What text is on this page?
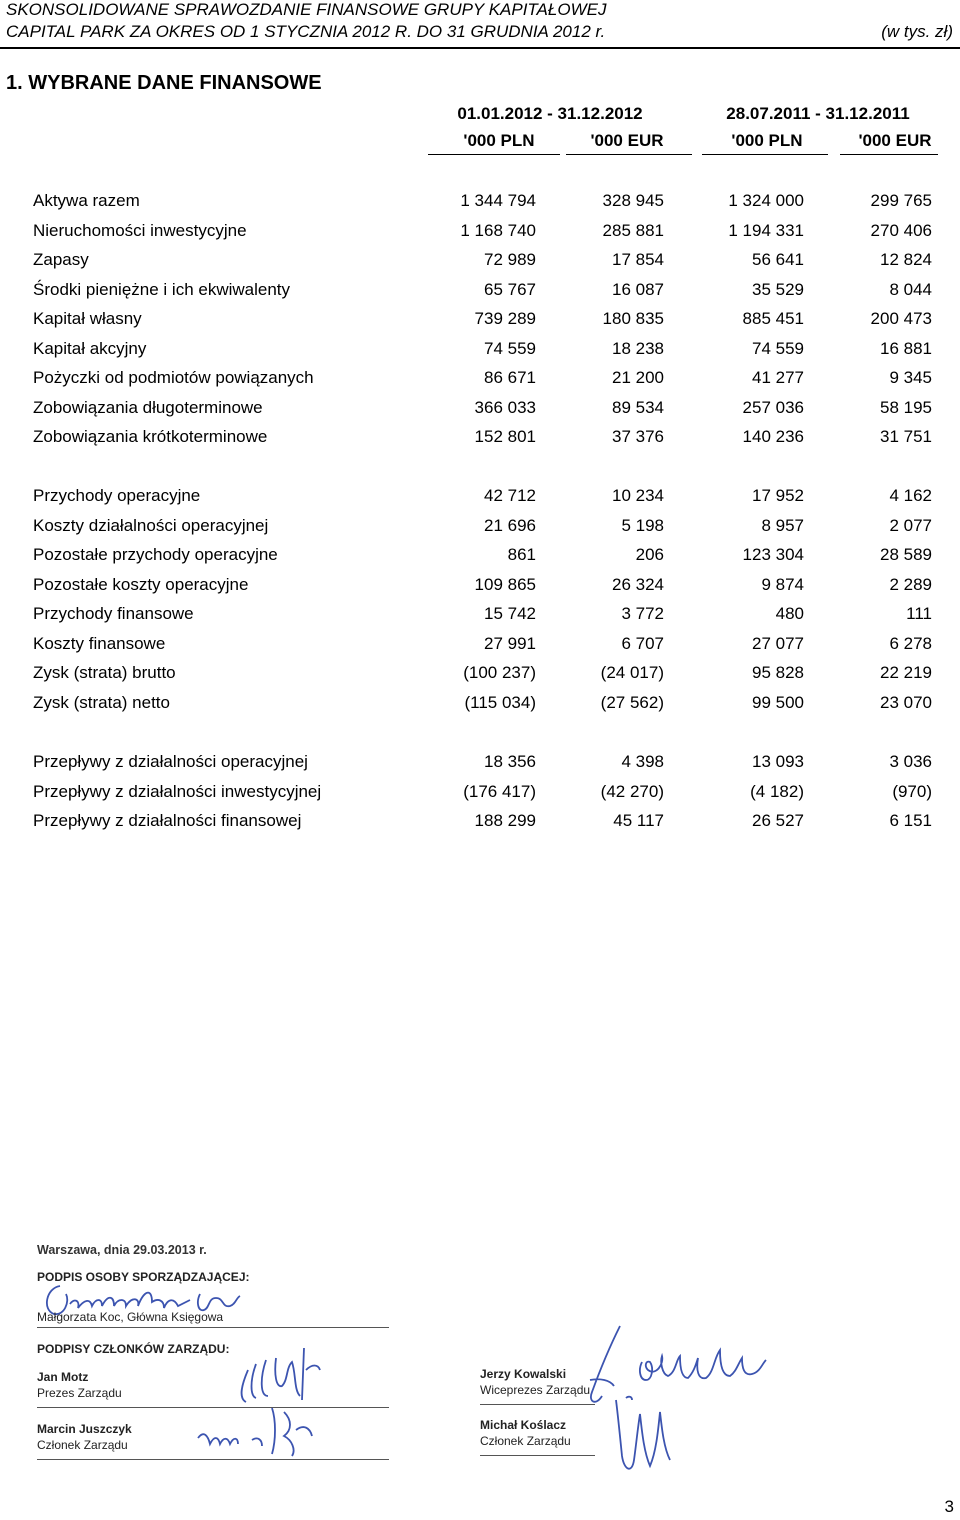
SKONSOLIDOWANE SPRAWOZDANIE FINANSOWE GRUPY KAPITAŁOWEJ
CAPITAL PARK ZA OKRES OD 1 STYCZNIA 2012 R. DO 31 GRUDNIA 2012 r.	(w tys. zł)
1. WYBRANE DANE FINANSOWE
01.01.2012 - 31.12.2012	28.07.2011 - 31.12.2011
'000 PLN	'000 EUR	'000 PLN	'000 EUR
Aktywa razem	1 344 794	328 945	1 324 000	299 765
Nieruchomości inwestycyjne	1 168 740	285 881	1 194 331	270 406
Zapasy	72 989	17 854	56 641	12 824
Środki pieniężne i ich ekwiwalenty	65 767	16 087	35 529	8 044
Kapitał własny	739 289	180 835	885 451	200 473
Kapitał akcyjny	74 559	18 238	74 559	16 881
Pożyczki od podmiotów powiązanych	86 671	21 200	41 277	9 345
Zobowiązania długoterminowe	366 033	89 534	257 036	58 195
Zobowiązania krótkoterminowe	152 801	37 376	140 236	31 751
Przychody operacyjne	42 712	10 234	17 952	4 162
Koszty działalności operacyjnej	21 696	5 198	8 957	2 077
Pozostałe przychody operacyjne	861	206	123 304	28 589
Pozostałe koszty operacyjne	109 865	26 324	9 874	2 289
Przychody finansowe	15 742	3 772	480	111
Koszty finansowe	27 991	6 707	27 077	6 278
Zysk (strata) brutto	(100 237)	(24 017)	95 828	22 219
Zysk (strata) netto	(115 034)	(27 562)	99 500	23 070
Przepływy z działalności operacyjnej	18 356	4 398	13 093	3 036
Przepływy z działalności inwestycyjnej	(176 417)	(42 270)	(4 182)	(970)
Przepływy z działalności finansowej	188 299	45 117	26 527	6 151
Warszawa, dnia 29.03.2013 r.
PODPIS OSOBY SPORZĄDZAJĄCEJ:
Małgorzata Koc, Główna Księgowa
PODPISY CZŁONKÓW ZARZĄDU:
Jan Motz
Prezes Zarządu
Marcin Juszczyk
Członek Zarządu
Jerzy Kowalski
Wiceprezes Zarządu
Michał Koślacz
Członek Zarządu
3
